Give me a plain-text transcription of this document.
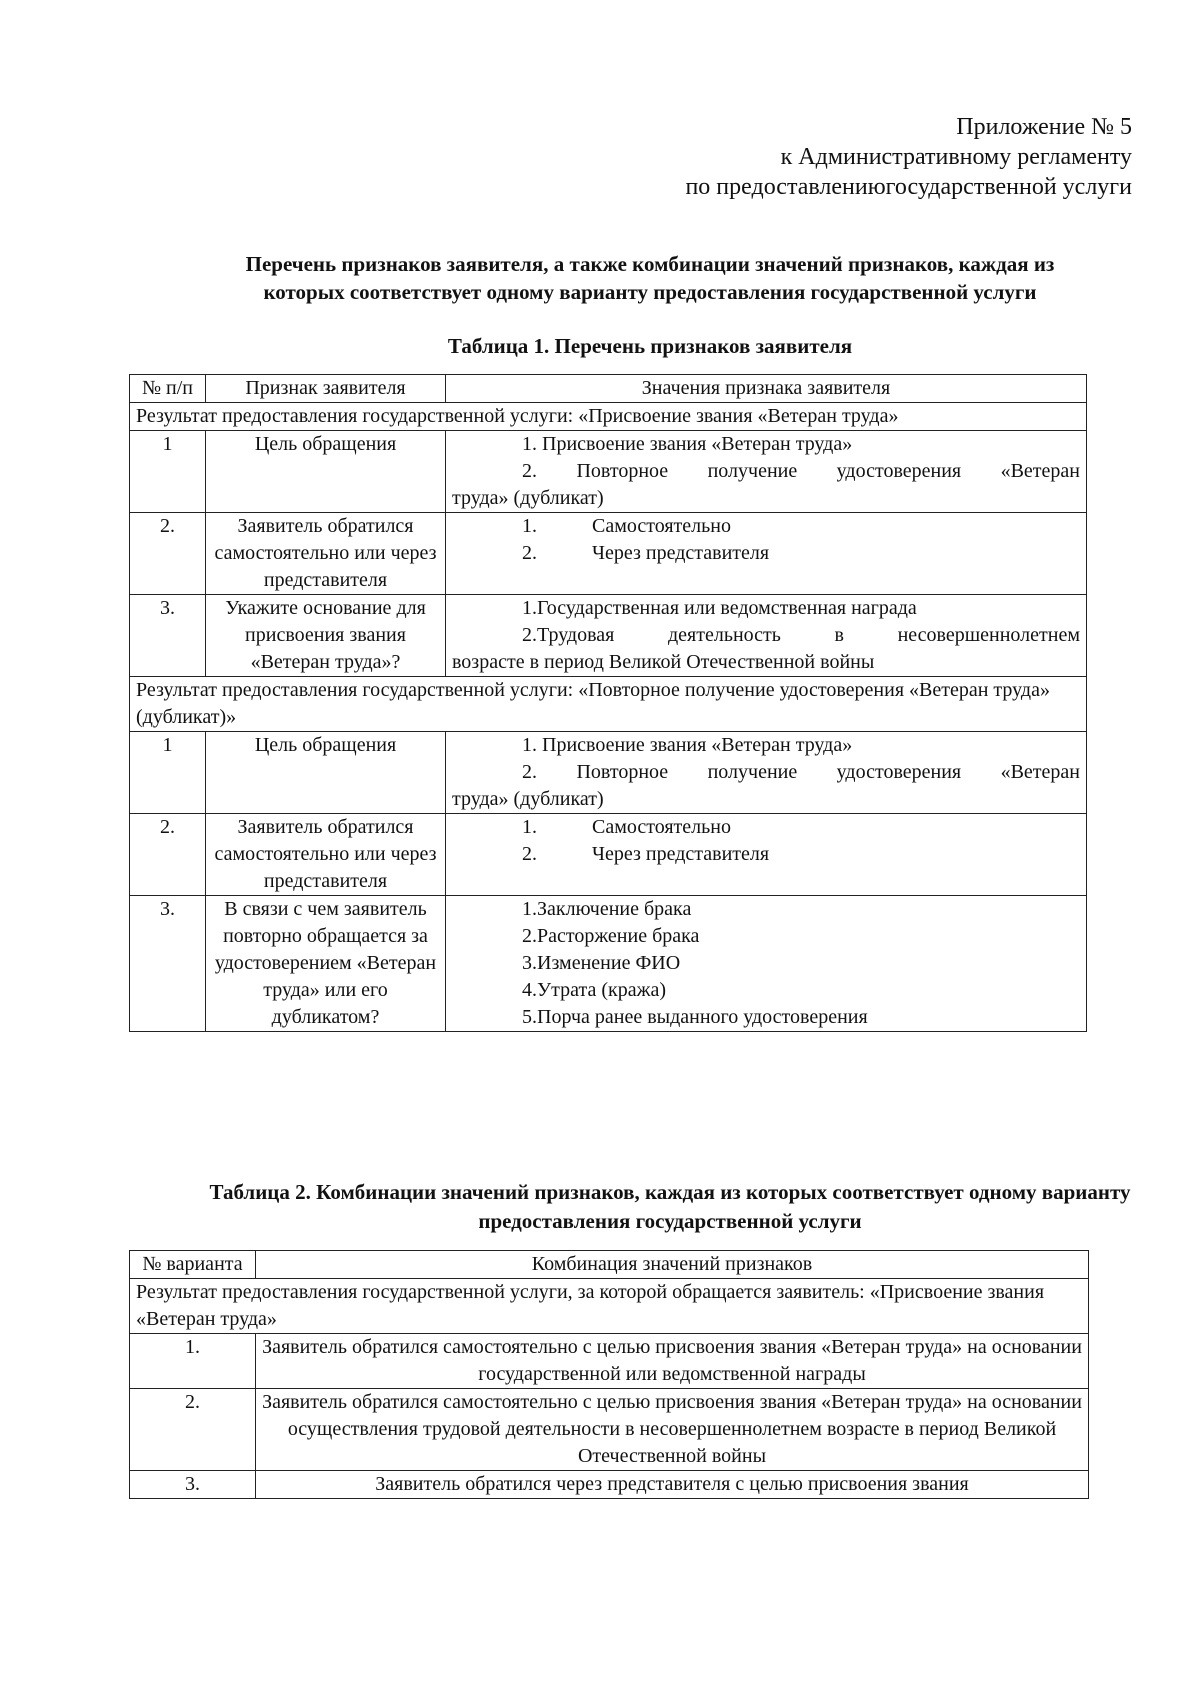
Приложение № 5
к Административному регламенту
по предоставлениюгосударственной услуги
Перечень признаков заявителя, а также комбинации значений признаков, каждая из
которых соответствует одному варианту предоставления государственной услуги
Таблица 1. Перечень признаков заявителя
№ п/п	Признак заявителя	Значения признака заявителя
Результат предоставления государственной услуги: «Присвоение звания «Ветеран труда»		
1	Цель обращения	1. Присвоение звания «Ветеран труда»
2. Повторное получение удостоверения «Ветеран
труда» (дубликат)

2.	Заявитель обратился самостоятельно или через представителя	1. Самостоятельно
2. Через представителя

3.	Укажите основание для присвоения звания «Ветеран труда»?	1.Государственная или ведомственная награда
2.Трудовая деятельность в несовершеннолетнем
возрасте в период Великой Отечественной войны

Результат предоставления государственной услуги: «Повторное получение удостоверения «Ветеран труда» (дубликат)»		
1	Цель обращения	1. Присвоение звания «Ветеран труда»
2. Повторное получение удостоверения «Ветеран
труда» (дубликат)

2.	Заявитель обратился самостоятельно или через представителя	1. Самостоятельно
2. Через представителя

3.	В связи с чем заявитель повторно обращается за удостоверением «Ветеран труда» или его дубликатом?	1.Заключение брака
2.Расторжение брака
3.Изменение ФИО
4.Утрата (кража)
5.Порча ранее выданного удостоверения
Таблица 2. Комбинации значений признаков, каждая из которых соответствует одному варианту предоставления государственной услуги
№ варианта	Комбинация значений признаков
Результат предоставления государственной услуги, за которой обращается заявитель: «Присвоение звания «Ветеран труда»	
1.	Заявитель обратился самостоятельно с целью присвоения звания «Ветеран труда» на основании государственной или ведомственной награды
2.	Заявитель обратился самостоятельно с целью присвоения звания «Ветеран труда» на основании осуществления трудовой деятельности в несовершеннолетнем возрасте в период Великой Отечественной войны
3.	Заявитель обратился через представителя с целью присвоения звания
